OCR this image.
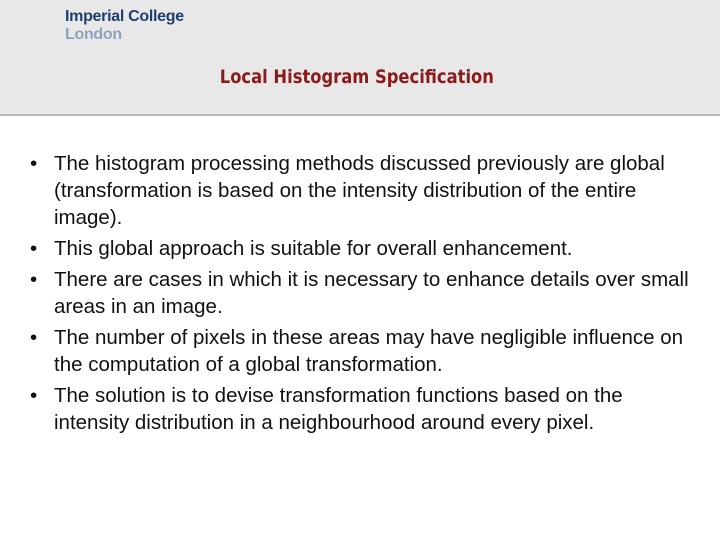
Imperial College
London
Local Histogram Specification
• The histogram processing methods discussed previously are global (transformation is based on the intensity distribution of the entire image).
• This global approach is suitable for overall enhancement.
• There are cases in which it is necessary to enhance details over small areas in an image.
• The number of pixels in these areas may have negligible influence on the computation of a global transformation.
• The solution is to devise transformation functions based on the intensity distribution in a neighbourhood around every pixel.
